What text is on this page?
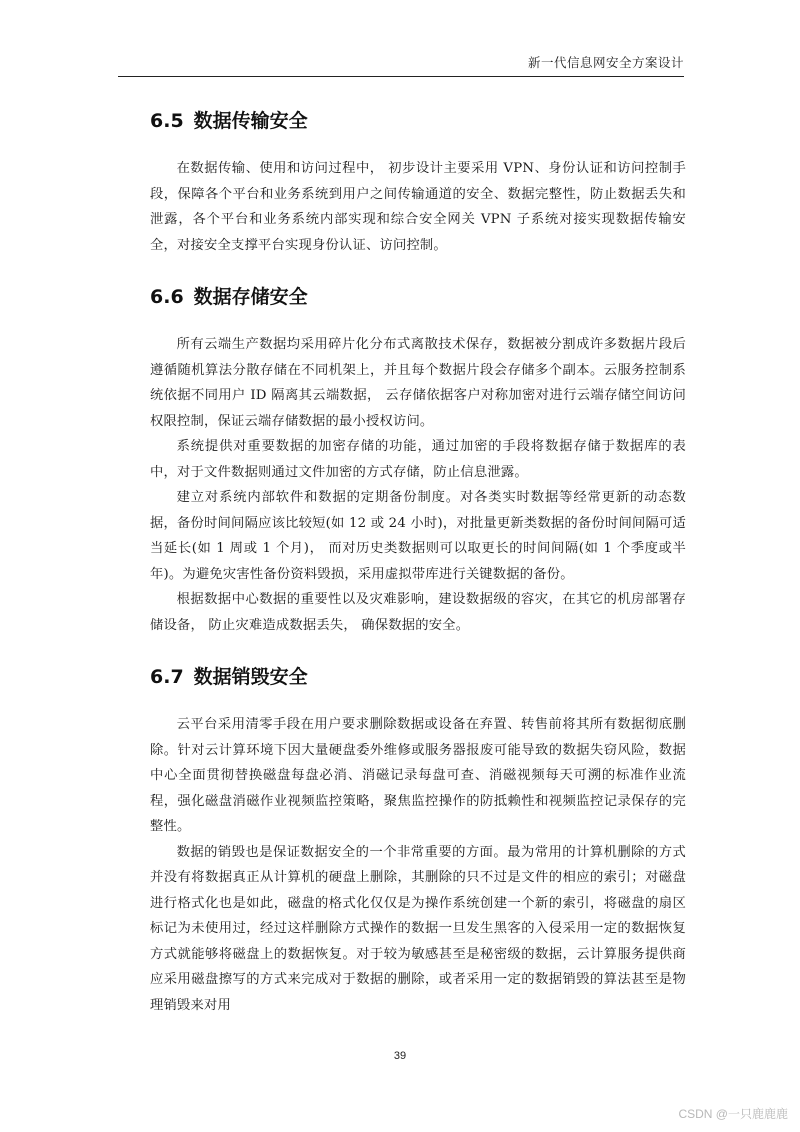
新一代信息网安全方案设计
6.5 数据传输安全

在数据传输、使用和访问过程中， 初步设计主要采用 VPN、身份认证和访问控制手段，保障各个平台和业务系统到用户之间传输通道的安全、数据完整性，防止数据丢失和泄露，各个平台和业务系统内部实现和综合安全网关 VPN 子系统对接实现数据传输安全，对接安全支撑平台实现身份认证、访问控制。

6.6 数据存储安全

所有云端生产数据均采用碎片化分布式离散技术保存，数据被分割成许多数据片段后遵循随机算法分散存储在不同机架上，并且每个数据片段会存储多个副本。云服务控制系统依据不同用户 ID 隔离其云端数据， 云存储依据客户对称加密对进行云端存储空间访问权限控制，保证云端存储数据的最小授权访问。

系统提供对重要数据的加密存储的功能，通过加密的手段将数据存储于数据库的表中，对于文件数据则通过文件加密的方式存储，防止信息泄露。

建立对系统内部软件和数据的定期备份制度。对各类实时数据等经常更新的动态数据，备份时间间隔应该比较短(如 12 或 24 小时)，对批量更新类数据的备份时间间隔可适当延长(如 1 周或 1 个月)， 而对历史类数据则可以取更长的时间间隔(如 1 个季度或半年)。为避免灾害性备份资料毁损，采用虚拟带库进行关键数据的备份。

根据数据中心数据的重要性以及灾难影响，建设数据级的容灾，在其它的机房部署存储设备， 防止灾难造成数据丢失， 确保数据的安全。

6.7 数据销毁安全

云平台采用清零手段在用户要求删除数据或设备在弃置、转售前将其所有数据彻底删除。针对云计算环境下因大量硬盘委外维修或服务器报废可能导致的数据失窃风险，数据中心全面贯彻替换磁盘每盘必消、消磁记录每盘可查、消磁视频每天可溯的标准作业流程，强化磁盘消磁作业视频监控策略，聚焦监控操作的防抵赖性和视频监控记录保存的完整性。

数据的销毁也是保证数据安全的一个非常重要的方面。最为常用的计算机删除的方式并没有将数据真正从计算机的硬盘上删除，其删除的只不过是文件的相应的索引；对磁盘进行格式化也是如此，磁盘的格式化仅仅是为操作系统创建一个新的索引，将磁盘的扇区标记为未使用过，经过这样删除方式操作的数据一旦发生黑客的入侵采用一定的数据恢复方式就能够将磁盘上的数据恢复。对于较为敏感甚至是秘密级的数据，云计算服务提供商应采用磁盘擦写的方式来完成对于数据的删除，或者采用一定的数据销毁的算法甚至是物理销毁来对用

39
CSDN @一只鹿鹿鹿
